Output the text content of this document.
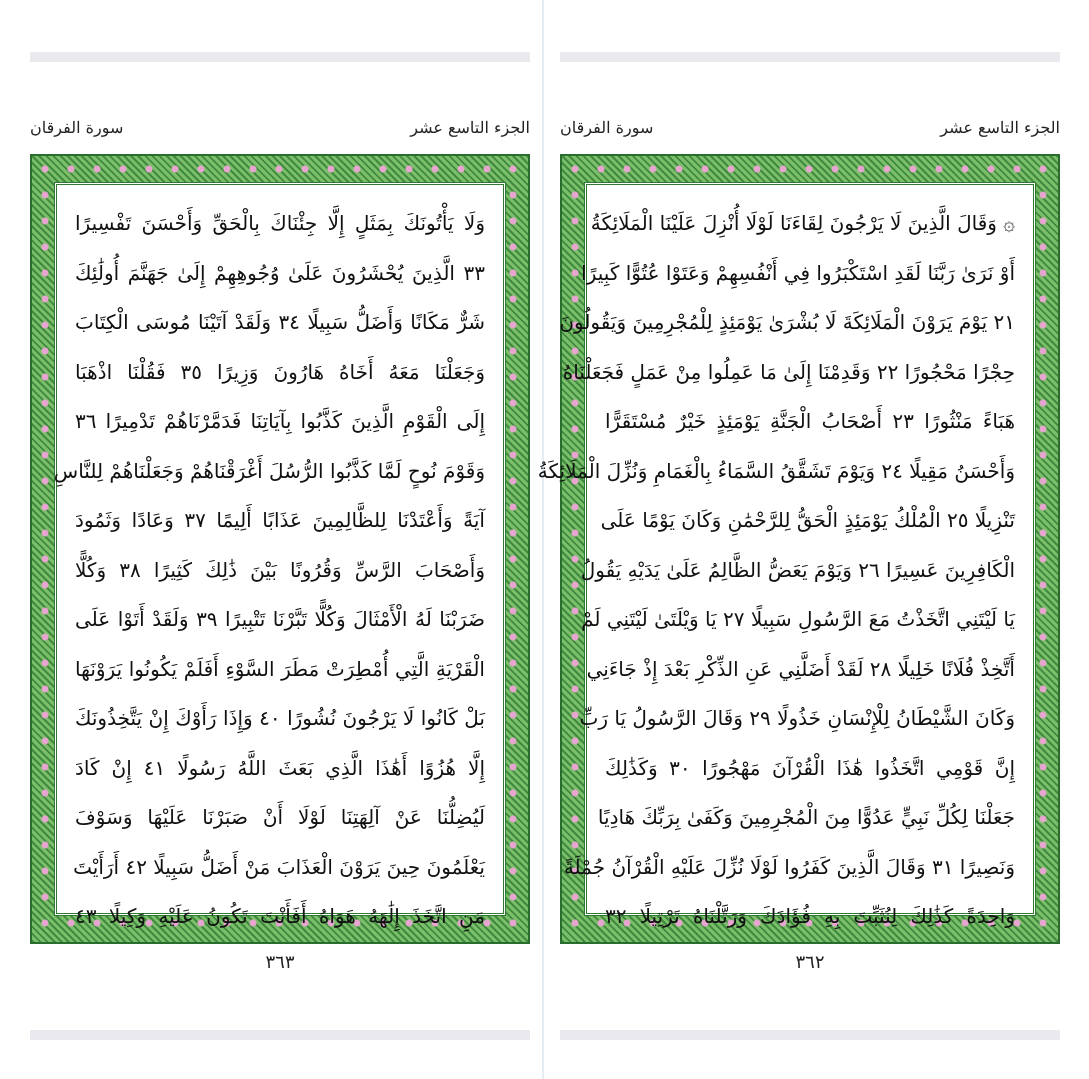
الجزء التاسع عشر
سورة الفرقان
وَلَا يَأْتُونَكَ بِمَثَلٍ إِلَّا جِئْنَاكَ بِالْحَقِّ وَأَحْسَنَ تَفْسِيرًا
٣٣ الَّذِينَ يُحْشَرُونَ عَلَىٰ وُجُوهِهِمْ إِلَىٰ جَهَنَّمَ أُولَٰئِكَ
شَرٌّ مَكَانًا وَأَضَلُّ سَبِيلًا ٣٤ وَلَقَدْ آتَيْنَا مُوسَى الْكِتَابَ
وَجَعَلْنَا مَعَهُ أَخَاهُ هَارُونَ وَزِيرًا ٣٥ فَقُلْنَا اذْهَبَا
إِلَى الْقَوْمِ الَّذِينَ كَذَّبُوا بِآيَاتِنَا فَدَمَّرْنَاهُمْ تَدْمِيرًا ٣٦
وَقَوْمَ نُوحٍ لَمَّا كَذَّبُوا الرُّسُلَ أَغْرَقْنَاهُمْ وَجَعَلْنَاهُمْ لِلنَّاسِ
آيَةً وَأَعْتَدْنَا لِلظَّالِمِينَ عَذَابًا أَلِيمًا ٣٧ وَعَادًا وَثَمُودَ
وَأَصْحَابَ الرَّسِّ وَقُرُونًا بَيْنَ ذَٰلِكَ كَثِيرًا ٣٨ وَكُلًّا
ضَرَبْنَا لَهُ الْأَمْثَالَ وَكُلًّا تَبَّرْنَا تَتْبِيرًا ٣٩ وَلَقَدْ أَتَوْا عَلَى
الْقَرْيَةِ الَّتِي أُمْطِرَتْ مَطَرَ السَّوْءِ أَفَلَمْ يَكُونُوا يَرَوْنَهَا
بَلْ كَانُوا لَا يَرْجُونَ نُشُورًا ٤٠ وَإِذَا رَأَوْكَ إِنْ يَتَّخِذُونَكَ
إِلَّا هُزُوًا أَهَٰذَا الَّذِي بَعَثَ اللَّهُ رَسُولًا ٤١ إِنْ كَادَ
لَيُضِلُّنَا عَنْ آلِهَتِنَا لَوْلَا أَنْ صَبَرْنَا عَلَيْهَا وَسَوْفَ
يَعْلَمُونَ حِينَ يَرَوْنَ الْعَذَابَ مَنْ أَضَلُّ سَبِيلًا ٤٢ أَرَأَيْتَ
مَنِ اتَّخَذَ إِلَٰهَهُ هَوَاهُ أَفَأَنْتَ تَكُونُ عَلَيْهِ وَكِيلًا ٤٣
٣٦٣
الجزء التاسع عشر
سورة الفرقان
۞ وَقَالَ الَّذِينَ لَا يَرْجُونَ لِقَاءَنَا لَوْلَا أُنْزِلَ عَلَيْنَا الْمَلَائِكَةُ
أَوْ نَرَىٰ رَبَّنَا لَقَدِ اسْتَكْبَرُوا فِي أَنْفُسِهِمْ وَعَتَوْا عُتُوًّا كَبِيرًا
٢١ يَوْمَ يَرَوْنَ الْمَلَائِكَةَ لَا بُشْرَىٰ يَوْمَئِذٍ لِلْمُجْرِمِينَ وَيَقُولُونَ
حِجْرًا مَحْجُورًا ٢٢ وَقَدِمْنَا إِلَىٰ مَا عَمِلُوا مِنْ عَمَلٍ فَجَعَلْنَاهُ
هَبَاءً مَنْثُورًا ٢٣ أَصْحَابُ الْجَنَّةِ يَوْمَئِذٍ خَيْرٌ مُسْتَقَرًّا
وَأَحْسَنُ مَقِيلًا ٢٤ وَيَوْمَ تَشَقَّقُ السَّمَاءُ بِالْغَمَامِ وَنُزِّلَ الْمَلَائِكَةُ
تَنْزِيلًا ٢٥ الْمُلْكُ يَوْمَئِذٍ الْحَقُّ لِلرَّحْمَٰنِ وَكَانَ يَوْمًا عَلَى
الْكَافِرِينَ عَسِيرًا ٢٦ وَيَوْمَ يَعَضُّ الظَّالِمُ عَلَىٰ يَدَيْهِ يَقُولُ
يَا لَيْتَنِي اتَّخَذْتُ مَعَ الرَّسُولِ سَبِيلًا ٢٧ يَا وَيْلَتَىٰ لَيْتَنِي لَمْ
أَتَّخِذْ فُلَانًا خَلِيلًا ٢٨ لَقَدْ أَضَلَّنِي عَنِ الذِّكْرِ بَعْدَ إِذْ جَاءَنِي
وَكَانَ الشَّيْطَانُ لِلْإِنْسَانِ خَذُولًا ٢٩ وَقَالَ الرَّسُولُ يَا رَبِّ
إِنَّ قَوْمِي اتَّخَذُوا هَٰذَا الْقُرْآنَ مَهْجُورًا ٣٠ وَكَذَٰلِكَ
جَعَلْنَا لِكُلِّ نَبِيٍّ عَدُوًّا مِنَ الْمُجْرِمِينَ وَكَفَىٰ بِرَبِّكَ هَادِيًا
وَنَصِيرًا ٣١ وَقَالَ الَّذِينَ كَفَرُوا لَوْلَا نُزِّلَ عَلَيْهِ الْقُرْآنُ جُمْلَةً
وَاحِدَةً كَذَٰلِكَ لِنُثَبِّتَ بِهِ فُؤَادَكَ وَرَتَّلْنَاهُ تَرْتِيلًا ٣٢
٣٦٢
